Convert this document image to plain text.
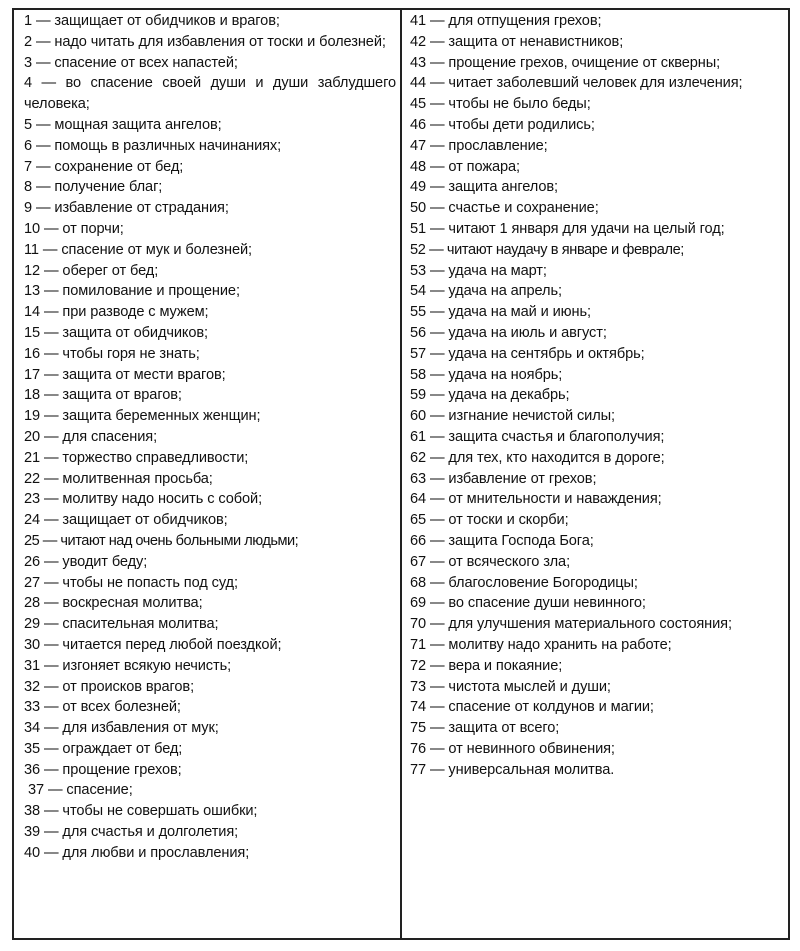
1 — защищает от обидчиков и врагов;
2 — надо читать для избавления от тоски и болезней;
3 — спасение от всех напастей;
4 — во спасение своей души и души заблудшего человека;
5 — мощная защита ангелов;
6 — помощь в различных начинаниях;
7 — сохранение от бед;
8 — получение благ;
9 — избавление от страдания;
10 — от порчи;
11 — спасение от мук и болезней;
12 — оберег от бед;
13 — помилование и прощение;
14 — при разводе с мужем;
15 — защита от обидчиков;
16 — чтобы горя не знать;
17 — защита от мести врагов;
18 — защита от врагов;
19 — защита беременных женщин;
20 — для спасения;
21 — торжество справедливости;
22 — молитвенная просьба;
23 — молитву надо носить с собой;
24 — защищает от обидчиков;
25 — читают над очень больными людьми;
26 — уводит беду;
27 — чтобы не попасть под суд;
28 — воскресная молитва;
29 — спасительная молитва;
30 — читается перед любой поездкой;
31 — изгоняет всякую нечисть;
32 — от происков врагов;
33 — от всех болезней;
34 — для избавления от мук;
35 — ограждает от бед;
36 — прощение грехов;
37 — спасение;
38 — чтобы не совершать ошибки;
39 — для счастья и долголетия;
40 — для любви и прославления;
41 — для отпущения грехов;
42 — защита от ненавистников;
43 — прощение грехов, очищение от скверны;
44 — читает заболевший человек для излечения;
45 — чтобы не было беды;
46 — чтобы дети родились;
47 — прославление;
48 — от пожара;
49 — защита ангелов;
50 — счастье и сохранение;
51 — читают 1 января для удачи на целый год;
52 — читают наудачу в январе и феврале;
53 — удача на март;
54 — удача на апрель;
55 — удача на май и июнь;
56 — удача на июль и август;
57 — удача на сентябрь и октябрь;
58 — удача на ноябрь;
59 — удача на декабрь;
60 — изгнание нечистой силы;
61 — защита счастья и благополучия;
62 — для тех, кто находится в дороге;
63 — избавление от грехов;
64 — от мнительности и наваждения;
65 — от тоски и скорби;
66 — защита Господа Бога;
67 — от всяческого зла;
68 — благословение Богородицы;
69 — во спасение души невинного;
70 — для улучшения материального состояния;
71 — молитву надо хранить на работе;
72 — вера и покаяние;
73 — чистота мыслей и души;
74 — спасение от колдунов и магии;
75 — защита от всего;
76 — от невинного обвинения;
77 — универсальная молитва.
